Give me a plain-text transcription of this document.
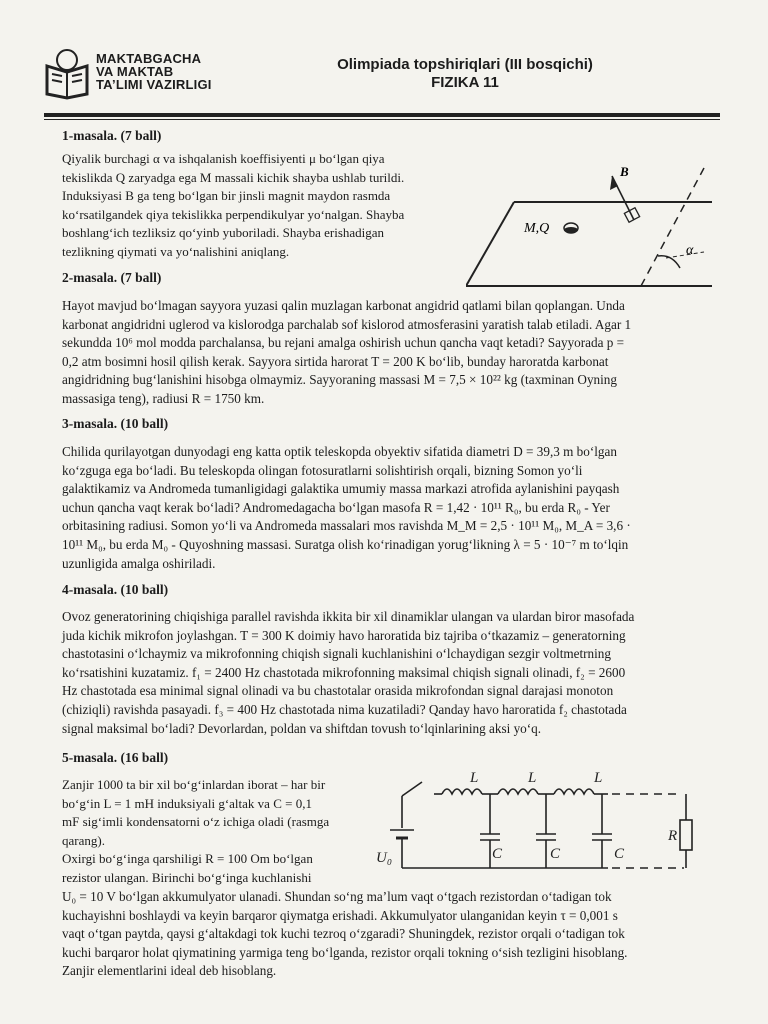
MAKTABGACHA
VA MAKTAB
TA’LIMI VAZIRLIGI
Olimpiada topshiriqlari (III bosqichi)
FIZIKA 11
1-masala. (7 ball)

Qiyalik burchagi α va ishqalanish koeffisiyenti μ bo‘lgan qiya

tekislikda Q zaryadga ega M massali kichik shayba ushlab turildi.

Induksiyasi B ga teng bo‘lgan bir jinsli magnit maydon rasmda

ko‘rsatilgandek qiya tekislikka perpendikulyar yo‘nalgan. Shayba

boshlang‘ich tezliksiz qo‘yinb yuboriladi. Shayba erishadigan

tezlikning qiymati va yo‘nalishini aniqlang.

M,Q
B
α
2-masala. (7 ball)

Hayot mavjud bo‘lmagan sayyora yuzasi qalin muzlagan karbonat angidrid qatlami bilan qoplangan. Unda

karbonat angidridni uglerod va kislorodga parchalab sof kislorod atmosferasini yaratish talab etiladi. Agar 1

sekundda 10⁶ mol modda parchalansa, bu rejani amalga oshirish uchun qancha vaqt ketadi? Sayyorada p =

0,2 atm bosimni hosil qilish kerak. Sayyora sirtida harorat T = 200 K bo‘lib, bunday haroratda karbonat

angidridning bug‘lanishini hisobga olmaymiz. Sayyoraning massasi M = 7,5 × 10²² kg (taxminan Oyning

massasiga teng), radiusi R = 1750 km.

3-masala. (10 ball)

Chilida qurilayotgan dunyodagi eng katta optik teleskopda obyektiv sifatida diametri D = 39,3 m bo‘lgan

ko‘zguga ega bo‘ladi. Bu teleskopda olingan fotosuratlarni solishtirish orqali, bizning Somon yo‘li

galaktikamiz va Andromeda tumanligidagi galaktika umumiy massa markazi atrofida aylanishini payqash

uchun qancha vaqt kerak bo‘ladi? Andromedagacha bo‘lgan masofa R = 1,42 · 10¹¹ R₀, bu erda R₀ - Yer

orbitasining radiusi. Somon yo‘li va Andromeda massalari mos ravishda M_M = 2,5 · 10¹¹ M₀, M_A = 3,6 ·

10¹¹ M₀, bu erda M₀ - Quyoshning massasi. Suratga olish ko‘rinadigan yorug‘likning λ = 5 · 10⁻⁷ m to‘lqin

uzunligida amalga oshiriladi.

4-masala. (10 ball)

Ovoz generatorining chiqishiga parallel ravishda ikkita bir xil dinamiklar ulangan va ulardan biror masofada

juda kichik mikrofon joylashgan. T = 300 K doimiy havo haroratida biz tajriba o‘tkazamiz – generatorning

chastotasini o‘lchaymiz va mikrofonning chiqish signali kuchlanishini o‘lchaydigan sezgir voltmetrning

ko‘rsatishini kuzatamiz. f₁ = 2400 Hz chastotada mikrofonning maksimal chiqish signali olinadi, f₂ = 2600

Hz chastotada esa minimal signal olinadi va bu chastotalar orasida mikrofondan signal darajasi monoton

(chiziqli) ravishda pasayadi. f₃ = 400 Hz chastotada nima kuzatiladi? Qanday havo haroratida f₂ chastotada

signal maksimal bo‘ladi? Devorlardan, poldan va shiftdan tovush to‘lqinlarining aksi yo‘q.

5-masala. (16 ball)

Zanjir 1000 ta bir xil bo‘g‘inlardan iborat – har bir

bo‘g‘in L = 1 mH induksiyali g‘altak va C = 0,1

mF sig‘imli kondensatorni o‘z ichiga oladi (rasmga

qarang).

Oxirgi bo‘g‘inga qarshiligi R = 100 Om bo‘lgan

rezistor ulangan. Birinchi bo‘g‘inga kuchlanishi

L	L	L
C	C	C
R
U₀

U₀ = 10 V bo‘lgan akkumulyator ulanadi. Shundan so‘ng ma’lum vaqt o‘tgach rezistordan o‘tadigan tok

kuchayishni boshlaydi va keyin barqaror qiymatga erishadi. Akkumulyator ulanganidan keyin τ = 0,001 s

vaqt o‘tgan paytda, qaysi g‘altakdagi tok kuchi tezroq o‘zgaradi? Shuningdek, rezistor orqali o‘tadigan tok

kuchi barqaror holat qiymatining yarmiga teng bo‘lganda, rezistor orqali tokning o‘sish tezligini hisoblang.

Zanjir elementlarini ideal deb hisoblang.
